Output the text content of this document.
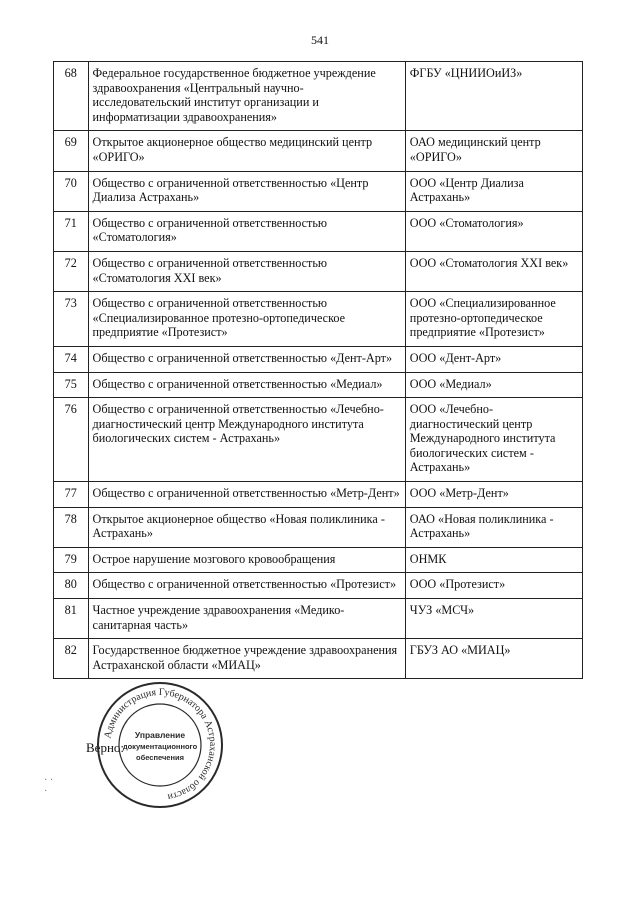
541
68	Федеральное государственное бюджетное учреждение здравоохранения «Центральный научно-исследовательский институт организации и информатизации здравоохранения»	ФГБУ «ЦНИИОиИЗ»
69	Открытое акционерное общество медицинский центр «ОРИГО»	ОАО медицинский центр «ОРИГО»
70	Общество с ограниченной ответственностью «Центр Диализа Астрахань»	ООО «Центр Диализа Астрахань»
71	Общество с ограниченной ответственностью «Стоматология»	ООО «Стоматология»
72	Общество с ограниченной ответственностью «Стоматология XXI век»	ООО «Стоматология XXI век»
73	Общество с ограниченной ответственностью «Специализированное протезно-ортопедическое предприятие «Протезист»	ООО «Специализированное протезно-ортопедическое предприятие «Протезист»
74	Общество с ограниченной ответственностью «Дент-Арт»	ООО «Дент-Арт»
75	Общество с ограниченной ответственностью «Медиал»	ООО «Медиал»
76	Общество с ограниченной ответственностью «Лечебно-диагностический центр Международного института биологических систем - Астрахань»	ООО «Лечебно-диагностический центр Международного института биологических систем - Астрахань»
77	Общество с ограниченной ответственностью «Метр-Дент»	ООО «Метр-Дент»
78	Открытое акционерное общество «Новая поликлиника - Астрахань»	ОАО «Новая поликлиника - Астрахань»
79	Острое нарушение мозгового кровообращения	ОНМК
80	Общество с ограниченной ответственностью «Протезист»	ООО «Протезист»
81	Частное учреждение здравоохранения «Медико-санитарная часть»	ЧУЗ «МСЧ»
82	Государственное бюджетное учреждение здравоохранения Астраханской области «МИАЦ»	ГБУЗ АО «МИАЦ»
Верно:
Администрация Губернатора Астраханской области
Управление
документационного
обеспечения
· ·
·
